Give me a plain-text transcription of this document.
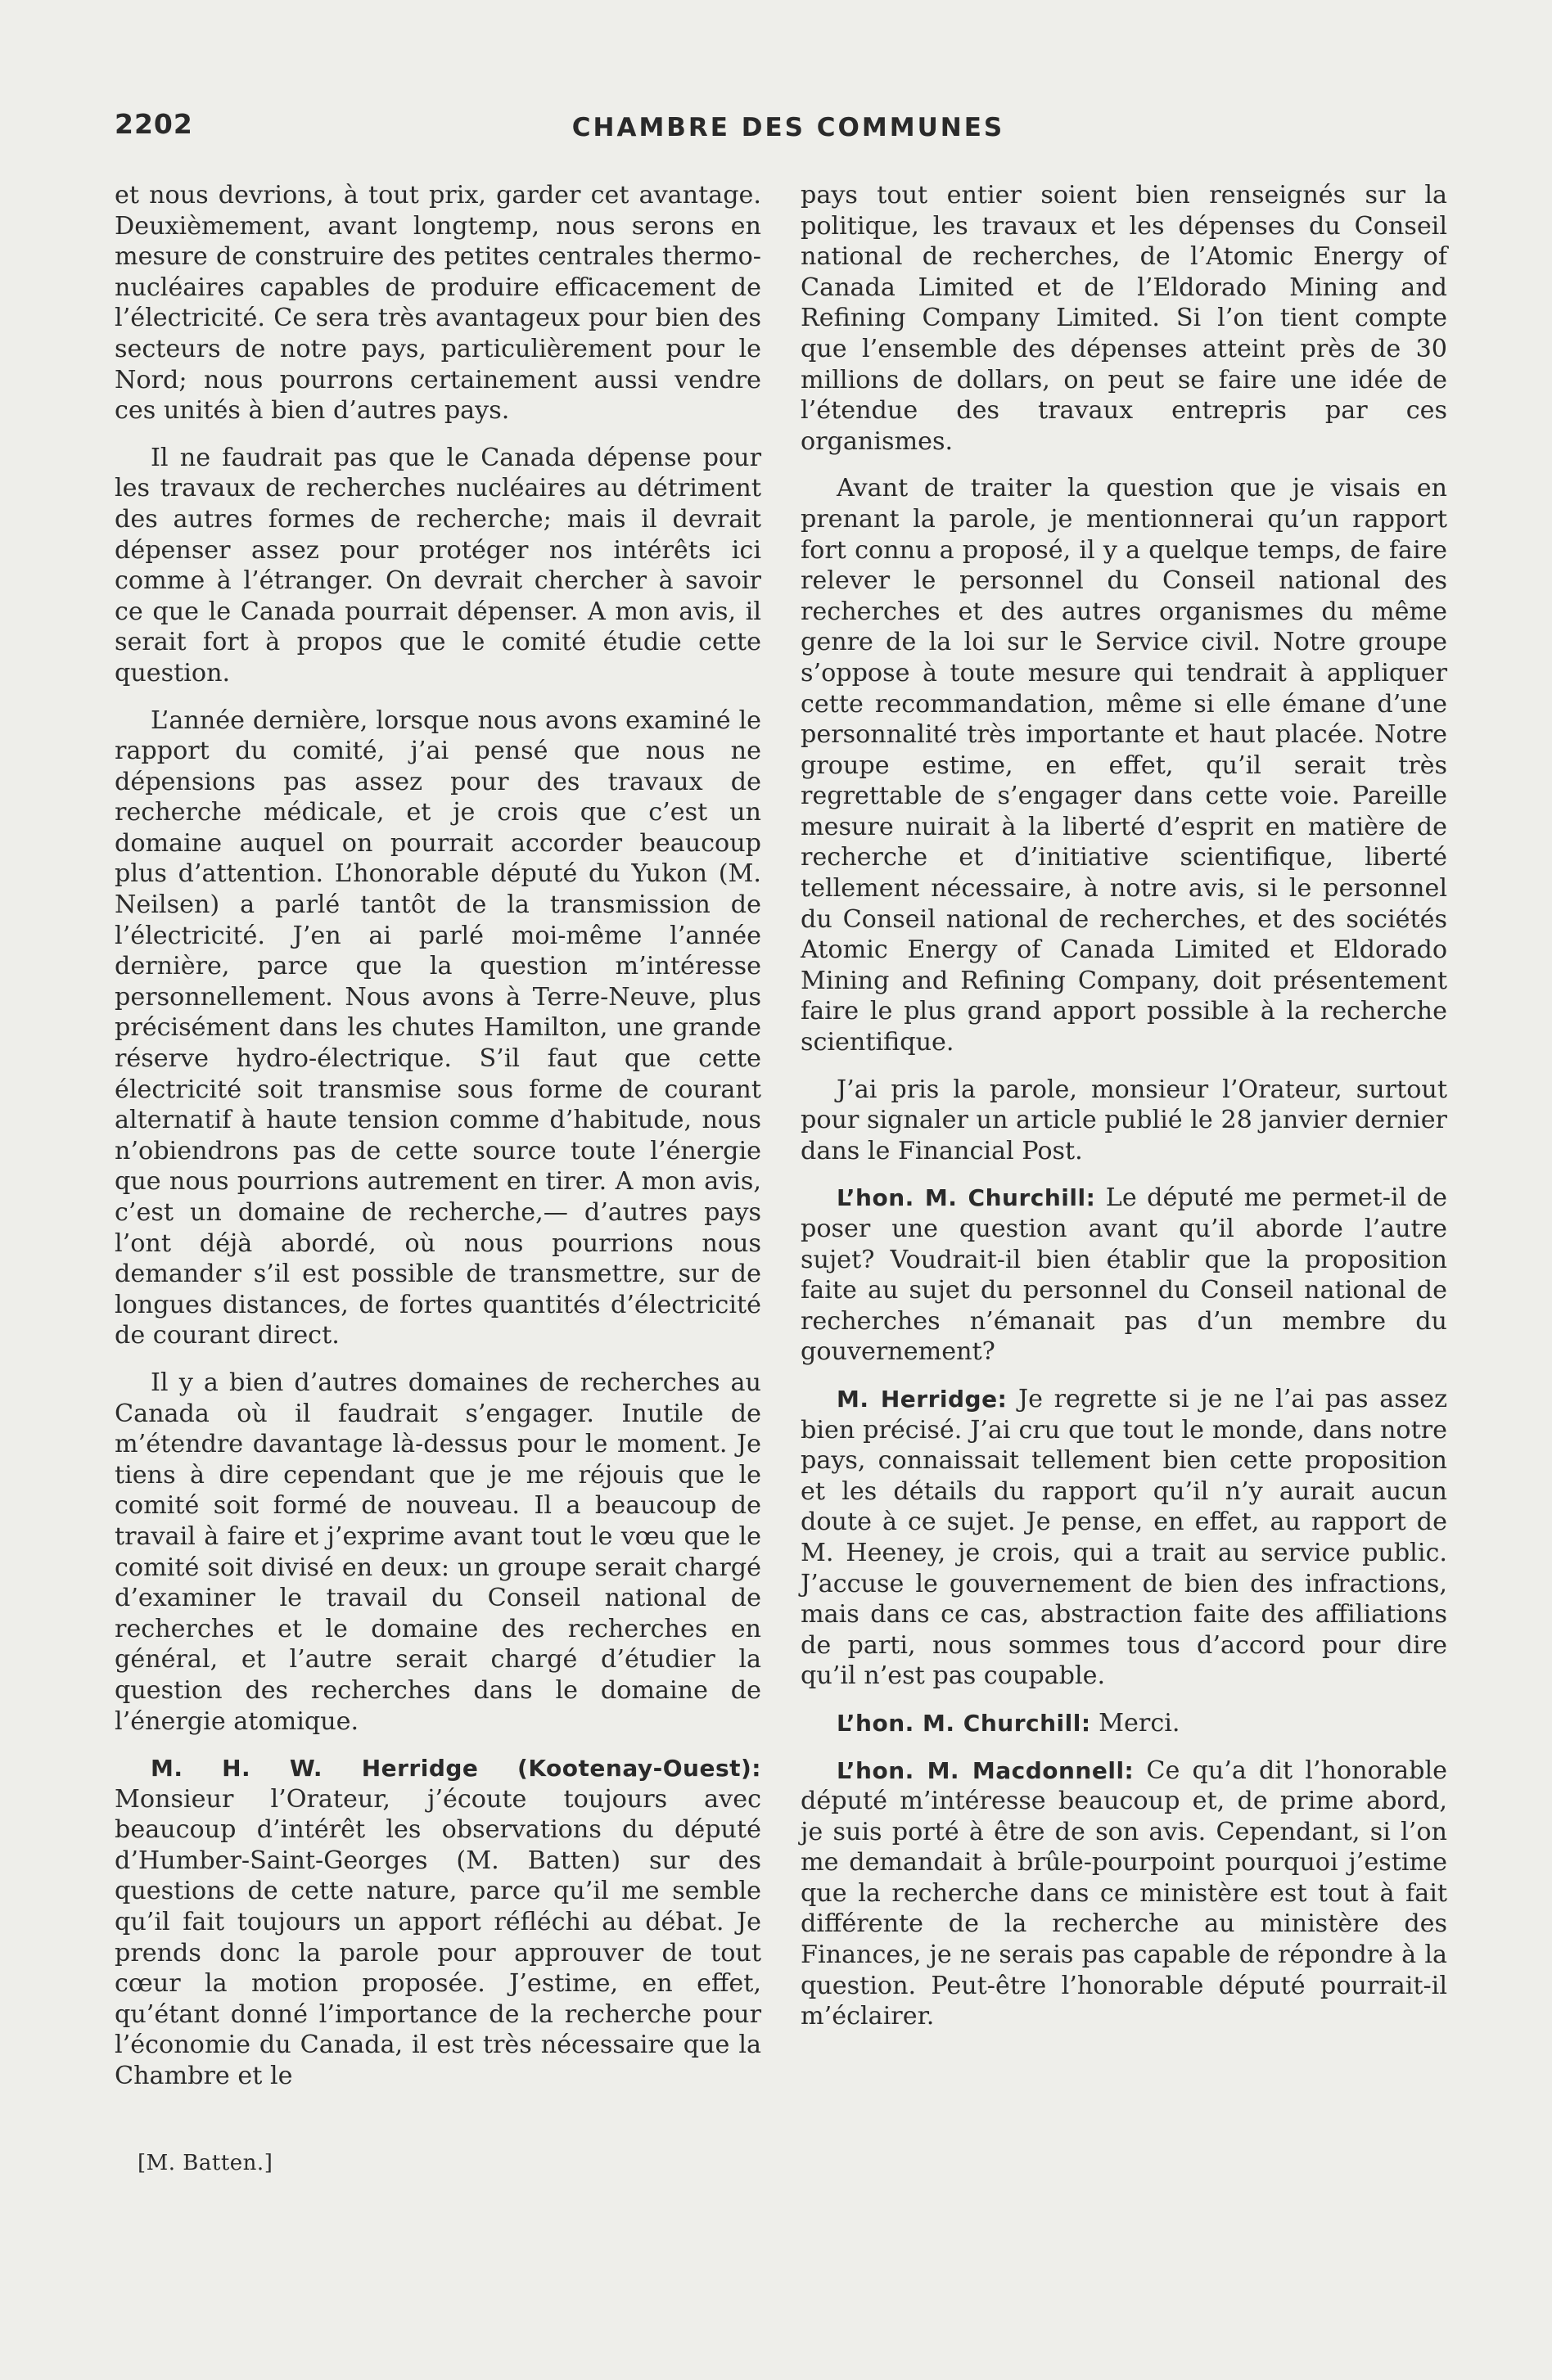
2202	CHAMBRE DES COMMUNES

et nous devrions, à tout prix, garder cet avantage. Deuxièmement, avant longtemp, nous serons en mesure de construire des petites centrales thermo-nucléaires capables de produire efficacement de l’électricité. Ce sera très avantageux pour bien des secteurs de notre pays, particulièrement pour le Nord; nous pourrons certainement aussi vendre ces unités à bien d’autres pays.

Il ne faudrait pas que le Canada dépense pour les travaux de recherches nucléaires au détriment des autres formes de recherche; mais il devrait dépenser assez pour protéger nos intérêts ici comme à l’étranger. On devrait chercher à savoir ce que le Canada pourrait dépenser. A mon avis, il serait fort à propos que le comité étudie cette question.

L’année dernière, lorsque nous avons examiné le rapport du comité, j’ai pensé que nous ne dépensions pas assez pour des travaux de recherche médicale, et je crois que c’est un domaine auquel on pourrait accorder beaucoup plus d’attention. L’honorable député du Yukon (M. Neilsen) a parlé tantôt de la transmission de l’électricité. J’en ai parlé moi-même l’année dernière, parce que la question m’intéresse personnellement. Nous avons à Terre-Neuve, plus précisément dans les chutes Hamilton, une grande réserve hydro-électrique. S’il faut que cette électricité soit transmise sous forme de courant alternatif à haute tension comme d’habitude, nous n’obiendrons pas de cette source toute l’énergie que nous pourrions autrement en tirer. A mon avis, c’est un domaine de recherche,— d’autres pays l’ont déjà abordé, où nous pourrions nous demander s’il est possible de transmettre, sur de longues distances, de fortes quantités d’électricité de courant direct.

Il y a bien d’autres domaines de recherches au Canada où il faudrait s’engager. Inutile de m’étendre davantage là-dessus pour le moment. Je tiens à dire cependant que je me réjouis que le comité soit formé de nouveau. Il a beaucoup de travail à faire et j’exprime avant tout le vœu que le comité soit divisé en deux: un groupe serait chargé d’examiner le travail du Conseil national de recherches et le domaine des recherches en général, et l’autre serait chargé d’étudier la question des recherches dans le domaine de l’énergie atomique.

M. H. W. Herridge (Kootenay-Ouest): Monsieur l’Orateur, j’écoute toujours avec beaucoup d’intérêt les observations du député d’Humber-Saint-Georges (M. Batten) sur des questions de cette nature, parce qu’il me semble qu’il fait toujours un apport réfléchi au débat. Je prends donc la parole pour approuver de tout cœur la motion proposée. J’estime, en effet, qu’étant donné l’importance de la recherche pour l’économie du Canada, il est très nécessaire que la Chambre et le

pays tout entier soient bien renseignés sur la politique, les travaux et les dépenses du Conseil national de recherches, de l’Atomic Energy of Canada Limited et de l’Eldorado Mining and Refining Company Limited. Si l’on tient compte que l’ensemble des dépenses atteint près de 30 millions de dollars, on peut se faire une idée de l’étendue des travaux entrepris par ces organismes.

Avant de traiter la question que je visais en prenant la parole, je mentionnerai qu’un rapport fort connu a proposé, il y a quelque temps, de faire relever le personnel du Conseil national des recherches et des autres organismes du même genre de la loi sur le Service civil. Notre groupe s’oppose à toute mesure qui tendrait à appliquer cette recommandation, même si elle émane d’une personnalité très importante et haut placée. Notre groupe estime, en effet, qu’il serait très regrettable de s’engager dans cette voie. Pareille mesure nuirait à la liberté d’esprit en matière de recherche et d’initiative scientifique, liberté tellement nécessaire, à notre avis, si le personnel du Conseil national de recherches, et des sociétés Atomic Energy of Canada Limited et Eldorado Mining and Refining Company, doit présentement faire le plus grand apport possible à la recherche scientifique.

J’ai pris la parole, monsieur l’Orateur, surtout pour signaler un article publié le 28 janvier dernier dans le Financial Post.

L’hon. M. Churchill: Le député me permet-il de poser une question avant qu’il aborde l’autre sujet? Voudrait-il bien établir que la proposition faite au sujet du personnel du Conseil national de recherches n’émanait pas d’un membre du gouvernement?

M. Herridge: Je regrette si je ne l’ai pas assez bien précisé. J’ai cru que tout le monde, dans notre pays, connaissait tellement bien cette proposition et les détails du rapport qu’il n’y aurait aucun doute à ce sujet. Je pense, en effet, au rapport de M. Heeney, je crois, qui a trait au service public. J’accuse le gouvernement de bien des infractions, mais dans ce cas, abstraction faite des affiliations de parti, nous sommes tous d’accord pour dire qu’il n’est pas coupable.

L’hon. M. Churchill: Merci.

L’hon. M. Macdonnell: Ce qu’a dit l’honorable député m’intéresse beaucoup et, de prime abord, je suis porté à être de son avis. Cependant, si l’on me demandait à brûle-pourpoint pourquoi j’estime que la recherche dans ce ministère est tout à fait différente de la recherche au ministère des Finances, je ne serais pas capable de répondre à la question. Peut-être l’honorable député pourrait-il m’éclairer.

[M. Batten.]
